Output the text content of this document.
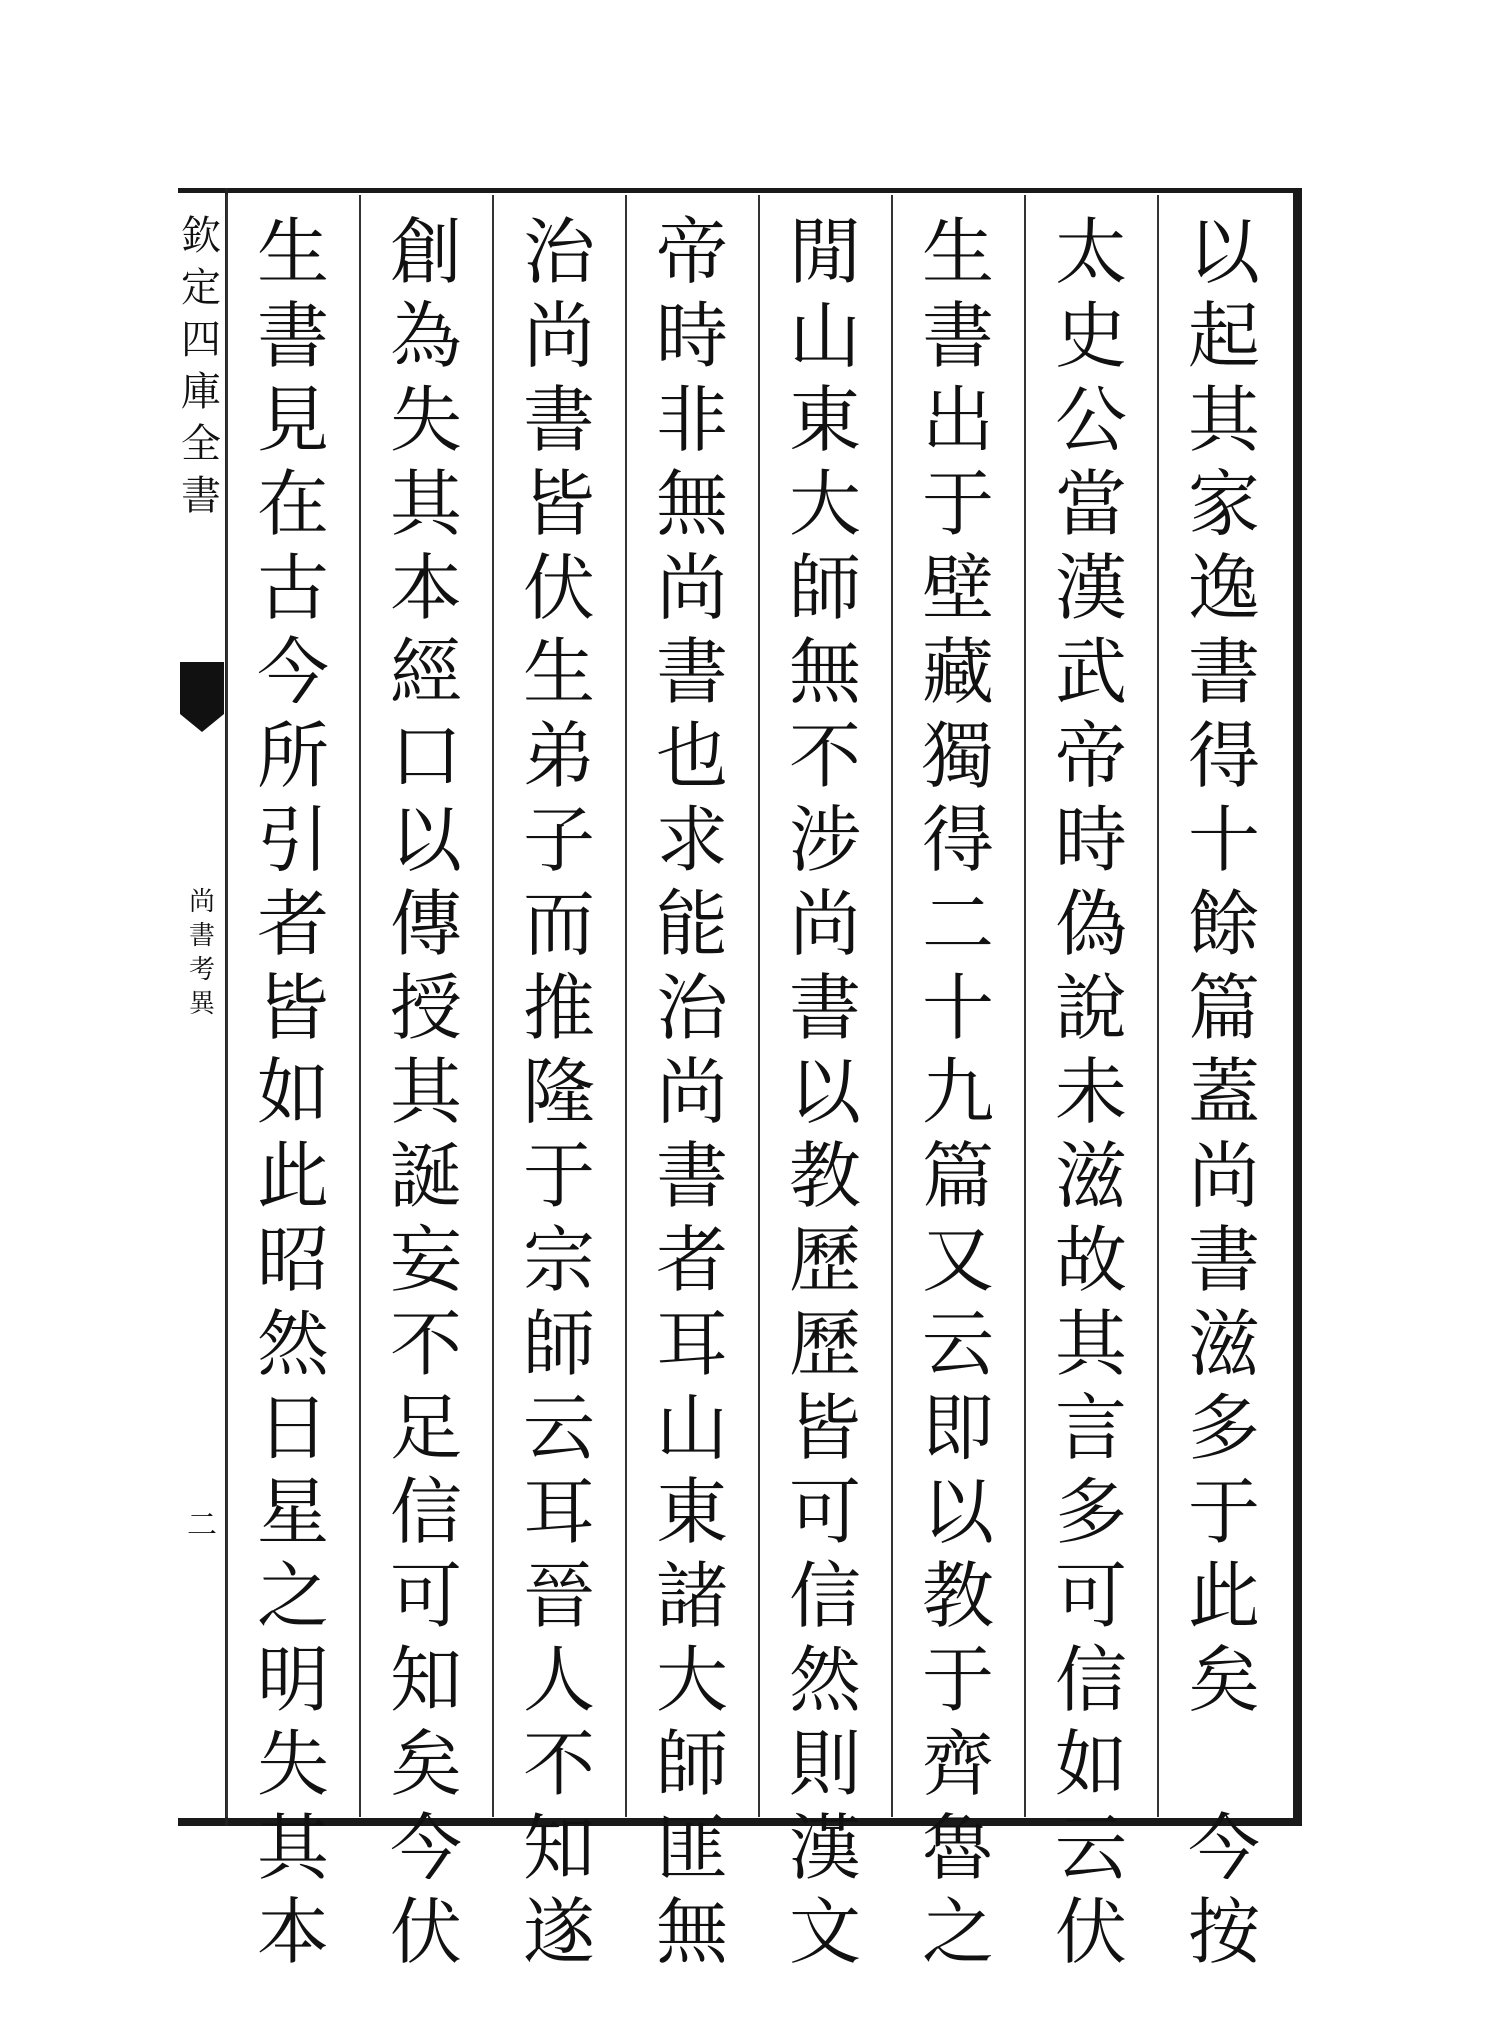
欽
定
四
庫
全
書
尚
書
考
異
二
以
起
其
家
逸
書
得
十
餘
篇
蓋
尚
書
滋
多
于
此
矣
今
按
太
史
公
當
漢
武
帝
時
偽
說
未
滋
故
其
言
多
可
信
如
云
伏
生
書
出
于
壁
藏
獨
得
二
十
九
篇
又
云
即
以
教
于
齊
魯
之
閒
山
東
大
師
無
不
涉
尚
書
以
教
歷
歷
皆
可
信
然
則
漢
文
帝
時
非
無
尚
書
也
求
能
治
尚
書
者
耳
山
東
諸
大
師
匪
無
治
尚
書
皆
伏
生
弟
子
而
推
隆
于
宗
師
云
耳
晉
人
不
知
遂
創
為
失
其
本
經
口
以
傳
授
其
誕
妄
不
足
信
可
知
矣
今
伏
生
書
見
在
古
今
所
引
者
皆
如
此
昭
然
日
星
之
明
失
其
本
